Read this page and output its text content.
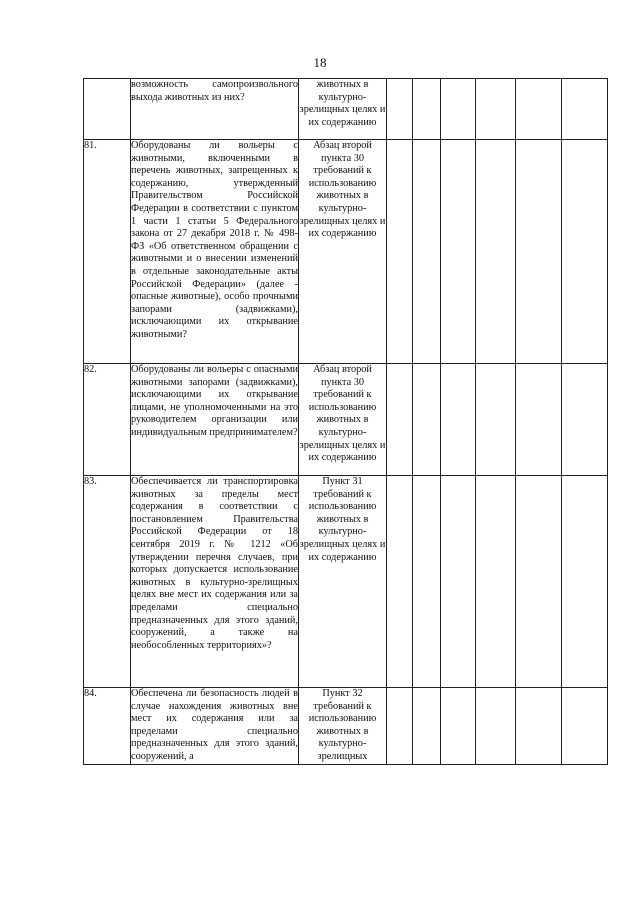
18
	возможность самопроизвольного выхода животных из них?	животных в культурно-зрелищных целях и их содержанию						
81.	Оборудованы ли вольеры с животными, включенными в перечень животных, запрещенных к содержанию, утвержденный Правительством Российской Федерации в соответствии с пунктом 1 части 1 статьи 5 Федерального закона от 27 декабря 2018 г. № 498-ФЗ «Об ответственном обращении с животными и о внесении изменений в отдельные законодательные акты Российской Федерации» (далее - опасные животные), особо прочными запорами (задвижками), исключающими их открывание животными?	Абзац второй пункта 30 требований к использованию животных в культурно-зрелищных целях и их содержанию						
82.	Оборудованы ли вольеры с опасными животными запорами (задвижками), исключающими их открывание лицами, не уполномоченными на это руководителем организации или индивидуальным предпринимателем?	Абзац второй пункта 30 требований к использованию животных в культурно-зрелищных целях и их содержанию						
83.	Обеспечивается ли транспортировка животных за пределы мест содержания в соответствии с постановлением Правительства Российской Федерации от 18 сентября 2019 г. № 1212 «Об утверждении перечня случаев, при которых допускается использование животных в культурно-зрелищных целях вне мест их содержания или за пределами специально предназначенных для этого зданий, сооружений, а также на необособленных территориях»?	Пункт 31 требований к использованию животных в культурно-зрелищных целях и их содержанию						
84.	Обеспечена ли безопасность людей в случае нахождения животных вне мест их содержания или за пределами специально предназначенных для этого зданий, сооружений, а	Пункт 32 требований к использованию животных в культурно-зрелищных						
